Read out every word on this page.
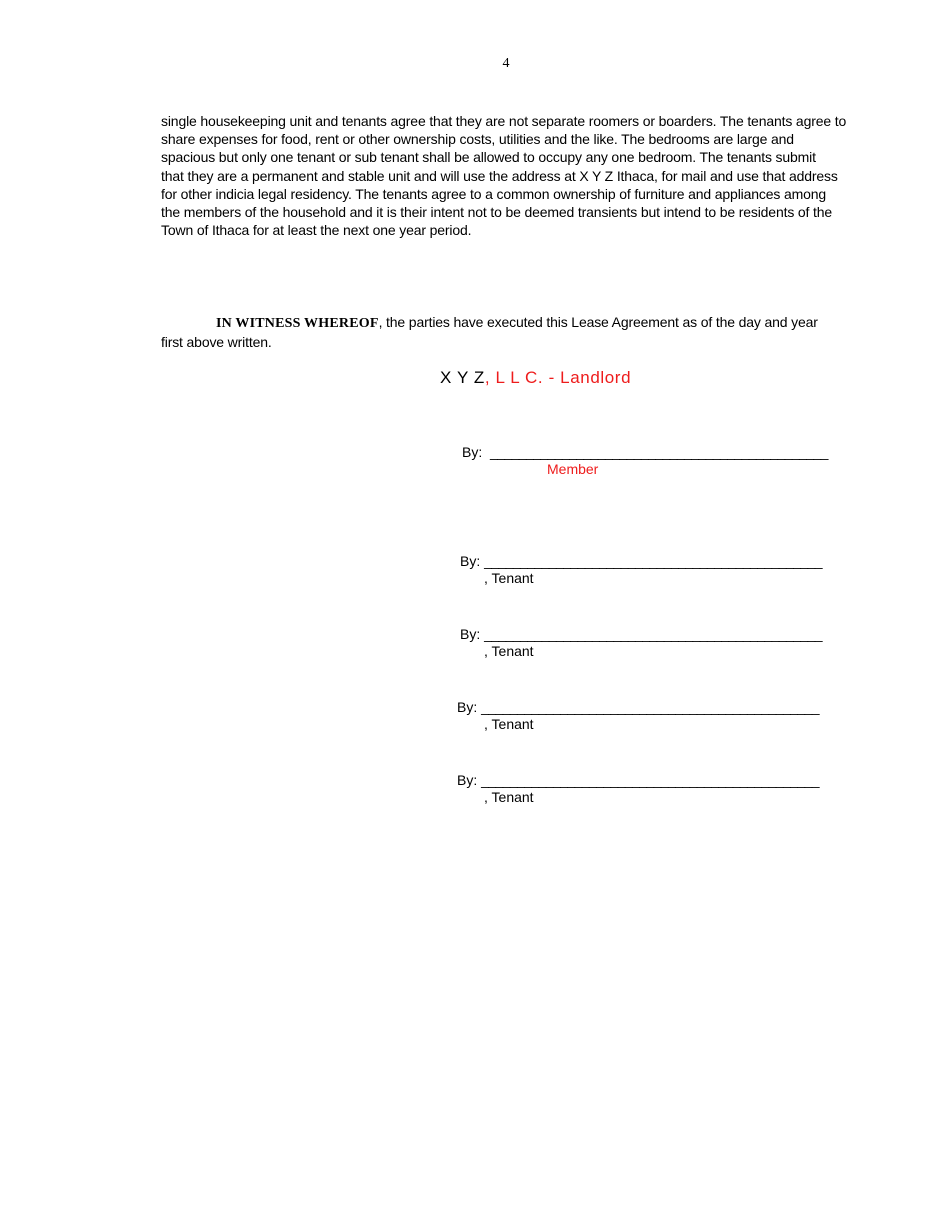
4
single housekeeping unit and tenants agree that they are not separate roomers or boarders. The tenants agree to
share expenses for food, rent or other ownership costs, utilities and the like. The bedrooms are large and
spacious but only one tenant or sub tenant shall be allowed to occupy any one bedroom. The tenants submit
that they are a permanent and stable unit and will use the address at X Y Z Ithaca, for mail and use that address
for other indicia legal residency. The tenants agree to a common ownership of furniture and appliances among
the members of the household and it is their intent not to be deemed transients but intend to be residents of the
Town of Ithaca for at least the next one year period.
IN WITNESS WHEREOF, the parties have executed this Lease Agreement as of the day and year
first above written.
X Y Z, L L C. - Landlord
By: _______________________________________________
Member
By: _______________________________________________
, Tenant
By: _______________________________________________
, Tenant
By: _______________________________________________
, Tenant
By: _______________________________________________
, Tenant
